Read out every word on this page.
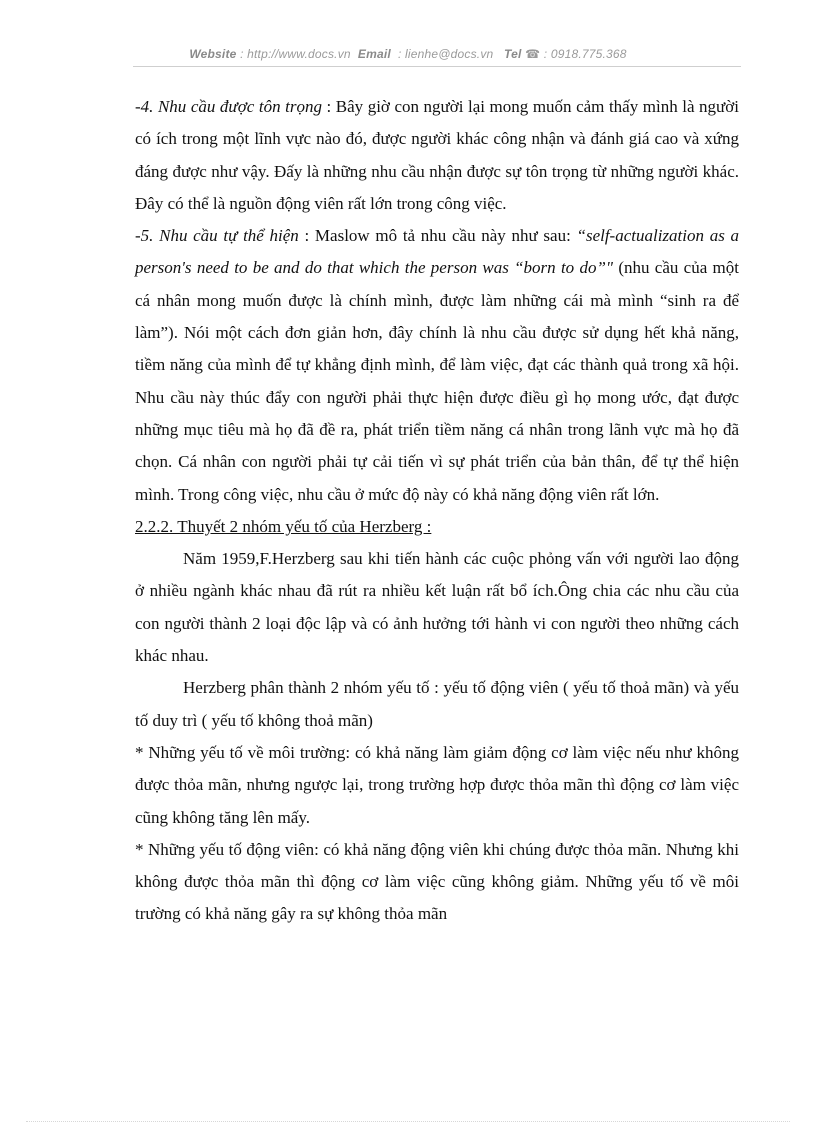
Website : http://www.docs.vn Email  : lienhe@docs.vn Tel ☎ : 0918.775.368

-4. Nhu cầu được tôn trọng : Bây giờ con người lại mong muốn cảm thấy mình là người có ích trong một lĩnh vực nào đó, được người khác công nhận và đánh giá cao và xứng đáng được như vậy. Đấy là những nhu cầu nhận được sự tôn trọng từ những người khác. Đây có thể là nguồn động viên rất lớn trong công việc.

-5. Nhu cầu tự thể hiện : Maslow mô tả nhu cầu này như sau: “self-actualization as a person's need to be and do that which the person was “born to do”" (nhu cầu của một cá nhân mong muốn được là chính mình, được làm những cái mà mình “sinh ra để làm”). Nói một cách đơn giản hơn, đây chính là nhu cầu được sử dụng hết khả năng, tiềm năng của mình để tự khẳng định mình, để làm việc, đạt các thành quả trong xã hội. Nhu cầu này thúc đẩy con người phải thực hiện được điều gì họ mong ước, đạt được những mục tiêu mà họ đã đề ra, phát triển tiềm năng cá nhân trong lãnh vực mà họ đã chọn. Cá nhân con người phải tự cải tiến vì sự phát triển của bản thân, để tự thể hiện mình. Trong công việc, nhu cầu ở mức độ này có khả năng động viên rất lớn.

2.2.2. Thuyết 2 nhóm yếu tố của Herzberg :

Năm 1959,F.Herzberg sau khi tiến hành các cuộc phỏng vấn với người lao động ở nhiều ngành khác nhau đã rút ra nhiều kết luận rất bổ ích.Ông chia các nhu cầu của con người thành 2 loại độc lập và có ảnh hưởng tới hành vi con người theo những cách khác nhau.

Herzberg phân thành 2 nhóm yếu tố : yếu tố động viên ( yếu tố thoả mãn) và yếu tố duy trì ( yếu tố không thoả mãn)

* Những yếu tố về môi trường: có khả năng làm giảm động cơ làm việc nếu như không được thỏa mãn, nhưng ngược lại, trong trường hợp được thỏa mãn thì động cơ làm việc cũng không tăng lên mấy.

* Những yếu tố động viên: có khả năng động viên khi chúng được thỏa mãn. Nhưng khi không được thỏa mãn thì động cơ làm việc cũng không giảm. Những yếu tố về môi trường có khả năng gây ra sự không thỏa mãn
